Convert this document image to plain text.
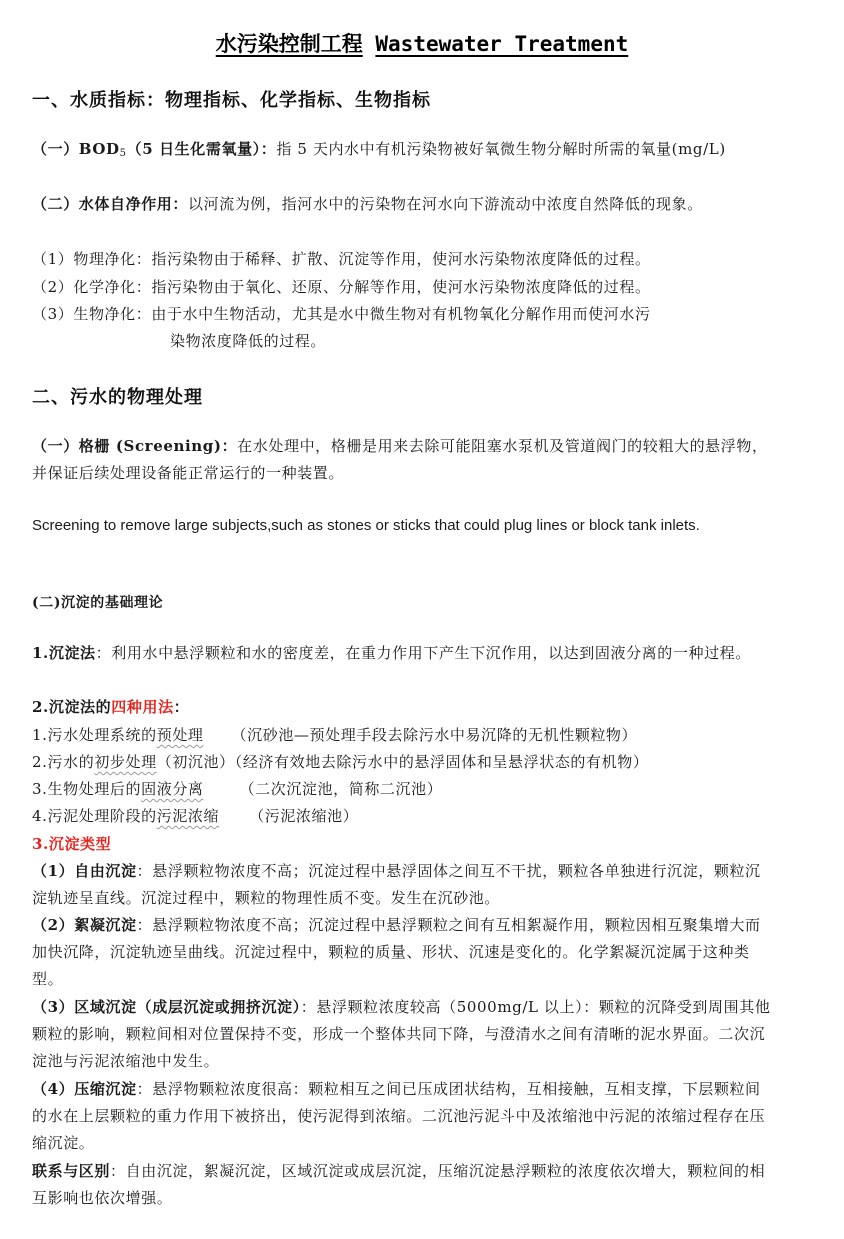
水污染控制工程 Wastewater Treatment
一、水质指标：物理指标、化学指标、生物指标
（一）$BOD_5(5$ 日生化需氧量）：指 5 天内水中有机污染物被好氧微生物分解时所需的氧量(mg/L)
（二）水体自净作用：以河流为例，指河水中的污染物在河水向下游流动中浓度自然降低的现象。
（1）物理净化：指污染物由于稀释、扩散、沉淀等作用，使河水污染物浓度降低的过程。
（2）化学净化：指污染物由于氧化、还原、分解等作用，使河水污染物浓度降低的过程。
（3）生物净化：由于水中生物活动，尤其是水中微生物对有机物氧化分解作用而使河水污
染物浓度降低的过程。
二、污水的物理处理
（一）格栅 (Screening)：在水处理中，格栅是用来去除可能阻塞水泵机及管道阀门的较粗大的悬浮物，并保证后续处理设备能正常运行的一种装置。
Screening to remove large subjects,such as stones or sticks that could plug lines or block tank inlets.
(二)沉淀的基础理论
1.沉淀法：利用水中悬浮颗粒和水的密度差，在重力作用下产生下沉作用，以达到固液分离的一种过程。
2.沉淀法的四种用法：
1.污水处理系统的预处理 （沉砂池—预处理手段去除污水中易沉降的无机性颗粒物）
2.污水的初步处理（初沉池）（经济有效地去除污水中的悬浮固体和呈悬浮状态的有机物）
3.生物处理后的固液分离 （二次沉淀池，简称二沉池）
4.污泥处理阶段的污泥浓缩 （污泥浓缩池）
3.沉淀类型
（1）自由沉淀：悬浮颗粒物浓度不高；沉淀过程中悬浮固体之间互不干扰，颗粒各单独进行沉淀，颗粒沉淀轨迹呈直线。沉淀过程中，颗粒的物理性质不变。发生在沉砂池。
（2）絮凝沉淀：悬浮颗粒物浓度不高；沉淀过程中悬浮颗粒之间有互相絮凝作用，颗粒因相互聚集增大而加快沉降，沉淀轨迹呈曲线。沉淀过程中，颗粒的质量、形状、沉速是变化的。化学絮凝沉淀属于这种类型。
（3）区域沉淀（成层沉淀或拥挤沉淀）：悬浮颗粒浓度较高（5000mg/L 以上）：颗粒的沉降受到周围其他颗粒的影响，颗粒间相对位置保持不变，形成一个整体共同下降，与澄清水之间有清晰的泥水界面。二次沉淀池与污泥浓缩池中发生。
（4）压缩沉淀：悬浮物颗粒浓度很高：颗粒相互之间已压成团状结构，互相接触，互相支撑，下层颗粒间的水在上层颗粒的重力作用下被挤出，使污泥得到浓缩。二沉池污泥斗中及浓缩池中污泥的浓缩过程存在压缩沉淀。
联系与区别：自由沉淀，絮凝沉淀，区域沉淀或成层沉淀，压缩沉淀悬浮颗粒的浓度依次增大，颗粒间的相互影响也依次增强。
